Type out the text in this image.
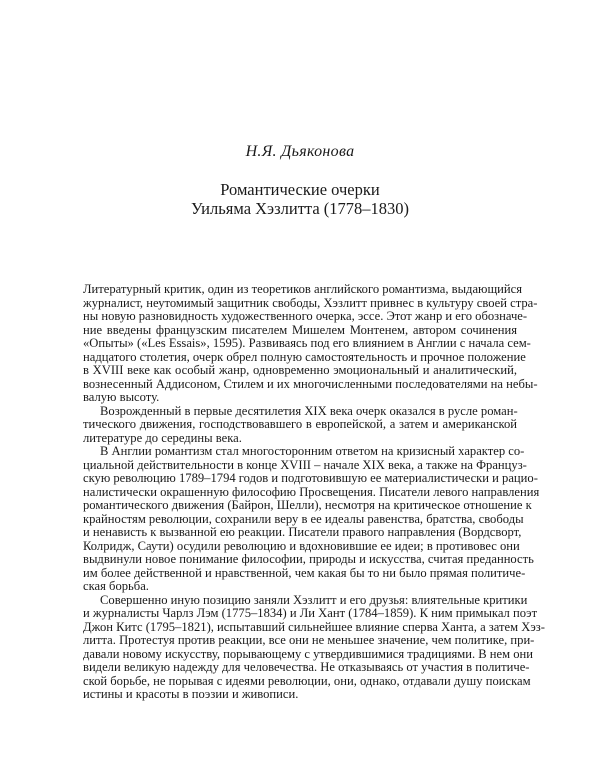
Н.Я. Дьяконова
Романтические очерки
Уильяма Хэзлитта (1778–1830)
Литературный критик, один из теоретиков английского романтизма, выдающийся
журналист, неутомимый защитник свободы, Хэзлитт привнес в культуру своей стра-
ны новую разновидность художественного очерка, эссе. Этот жанр и его обозначе-
ние введены французским писателем Мишелем Монтенем, автором сочинения
«Опыты» («Les Essais», 1595). Развиваясь под его влиянием в Англии с начала сем-
надцатого столетия, очерк обрел полную самостоятельность и прочное положение
в XVIII веке как особый жанр, одновременно эмоциональный и аналитический,
вознесенный Аддисоном, Стилем и их многочисленными последователями на небы-
валую высоту.
Возрожденный в первые десятилетия XIX века очерк оказался в русле роман-
тического движения, господствовавшего в европейской, а затем и американской
литературе до середины века.
В Англии романтизм стал многосторонним ответом на кризисный характер со-
циальной действительности в конце XVIII – начале XIX века, а также на Француз-
скую революцию 1789–1794 годов и подготовившую ее материалистически и рацио-
налистически окрашенную философию Просвещения. Писатели левого направления
романтического движения (Байрон, Шелли), несмотря на критическое отношение к
крайностям революции, сохранили веру в ее идеалы равенства, братства, свободы
и ненависть к вызванной ею реакции. Писатели правого направления (Вордсворт,
Колридж, Саути) осудили революцию и вдохновившие ее идеи; в противовес они
выдвинули новое понимание философии, природы и искусства, считая преданность
им более действенной и нравственной, чем какая бы то ни было прямая политиче-
ская борьба.
Совершенно иную позицию заняли Хэзлитт и его друзья: влиятельные критики
и журналисты Чарлз Лэм (1775–1834) и Ли Хант (1784–1859). К ним примыкал поэт
Джон Китс (1795–1821), испытавший сильнейшее влияние сперва Ханта, а затем Хэз-
литта. Протестуя против реакции, все они не меньшее значение, чем политике, при-
давали новому искусству, порывающему с утвердившимися традициями. В нем они
видели великую надежду для человечества. Не отказываясь от участия в политиче-
ской борьбе, не порывая с идеями революции, они, однако, отдавали душу поискам
истины и красоты в поэзии и живописи.
